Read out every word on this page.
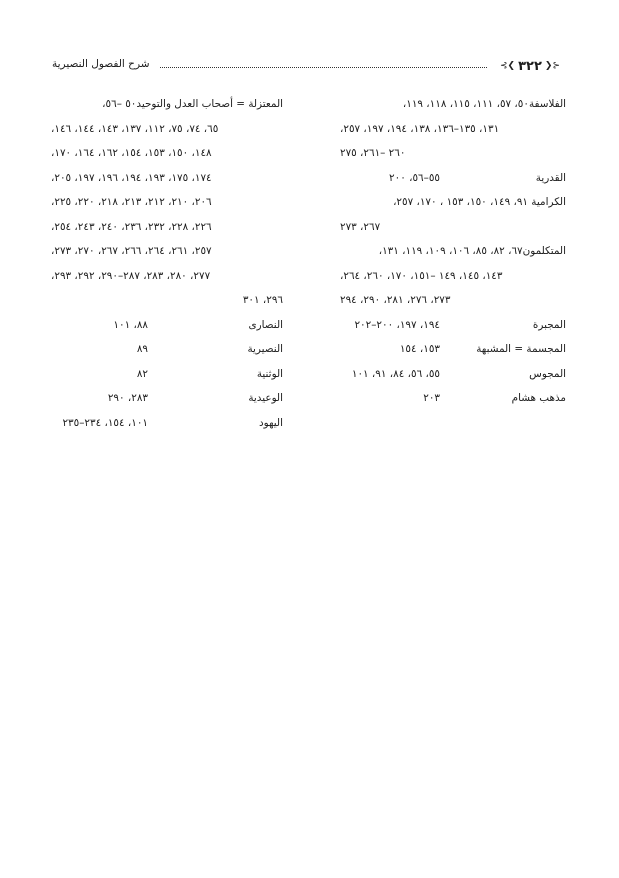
شرح الفصول النصيرية	⊰❮ ٣٢٢ ❯⊱
الفلاسفة٥٠، ٥٧، ١١١، ١١٥، ١١٨، ١١٩،
١٣١، ١٣٥–١٣٦، ١٣٨، ١٩٤، ١٩٧، ٢٥٧،
٢٦٠ –٢٦١، ٢٧٥
القدرية
٥٥–٥٦، ٢٠٠
الكرامية ٩١، ١٤٩، ١٥٠، ١٥٣ ، ١٧٠، ٢٥٧،
٢٦٧، ٢٧٣
المتكلمون٦٧، ٨٢، ٨٥، ١٠٦، ١٠٩، ١١٩، ١٣١،
١٤٣، ١٤٥، ١٤٩ –١٥١، ١٧٠، ٢٦٠، ٢٦٤،
٢٧٣، ٢٧٦، ٢٨١، ٢٩٠، ٢٩٤
المجبرة
١٩٤، ١٩٧، ٢٠٠–٢٠٢
المجسمة = المشبهة
١٥٣، ١٥٤
المجوس
٥٥، ٥٦، ٨٤، ٩١، ١٠١
مذهب هشام
٢٠٣
المعتزلة = أصحاب العدل والتوحيد٥٠ –٥٦،
٦٥، ٧٤، ٧٥، ١١٢، ١٣٧، ١٤٣، ١٤٤، ١٤٦،
١٤٨، ١٥٠، ١٥٣، ١٥٤، ١٦٢، ١٦٤، ١٧٠،
١٧٤، ١٧٥، ١٩٣، ١٩٤، ١٩٦، ١٩٧، ٢٠٥،
٢٠٦، ٢١٠، ٢١٢، ٢١٣، ٢١٨، ٢٢٠، ٢٢٥،
٢٢٦، ٢٢٨، ٢٣٢، ٢٣٦، ٢٤٠، ٢٤٣، ٢٥٤،
٢٥٧، ٢٦١، ٢٦٤، ٢٦٦، ٢٦٧، ٢٧٠، ٢٧٣،
٢٧٧، ٢٨٠، ٢٨٣، ٢٨٧–٢٩٠، ٢٩٢، ٢٩٣،
٢٩٦، ٣٠١
النصارى
٨٨، ١٠١
النصيرية
٨٩
الوثنية
٨٢
الوعيدية
٢٨٣، ٢٩٠
اليهود
١٠١، ١٥٤، ٢٣٤–٢٣٥
